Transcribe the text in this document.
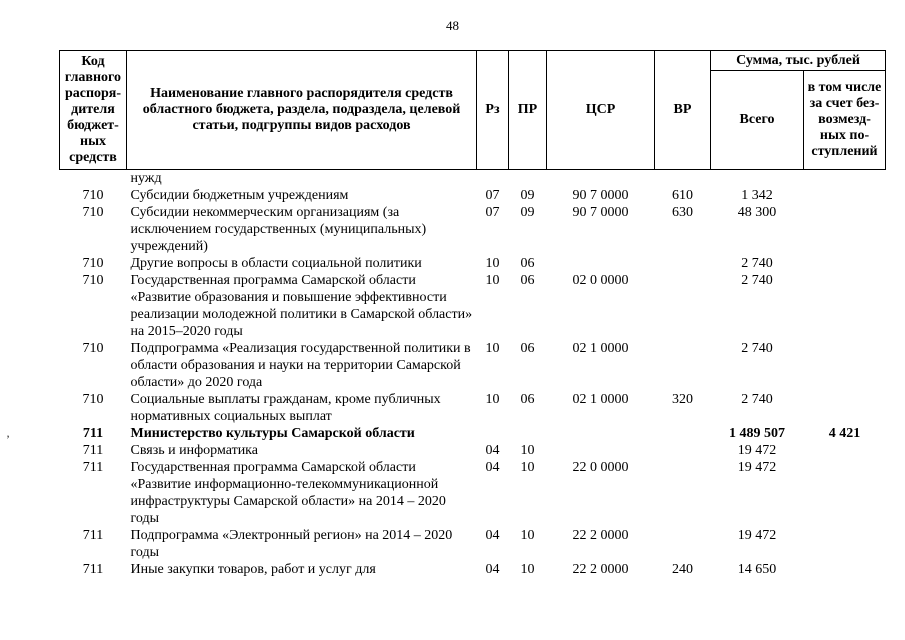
48
’
Код главного распоря-дителя бюджет-ных средств	Наименование главного распорядителя средств областного бюджета, раздела, подраздела, целевой статьи, подгруппы видов расходов	Рз	ПР	ЦСР	ВР	Сумма, тыс. рублей	
						Всего	в том числе за счет без-возмезд-ных по-ступлений
	нужд						
710	Субсидии бюджетным учреждениям	07	09	90 7 0000	610	1 342	
710	Субсидии некоммерческим организациям (за исключением государственных (муниципальных) учреждений)	07	09	90 7 0000	630	48 300	
710	Другие вопросы в области социальной политики	10	06			2 740	
710	Государственная программа Самарской области «Развитие образования и повышение эффективности реализации молодежной политики в Самарской области» на 2015–2020 годы	10	06	02 0 0000		2 740	
710	Подпрограмма «Реализация государственной политики в области образования и науки на территории Самарской области» до 2020 года	10	06	02 1 0000		2 740	
710	Социальные выплаты гражданам, кроме публичных нормативных социальных выплат	10	06	02 1 0000	320	2 740	
711	Министерство культуры Самарской области					1 489 507	4 421
711	Связь и информатика	04	10			19 472	
711	Государственная программа Самарской области «Развитие информационно-телекоммуникационной инфраструктуры Самарской области» на 2014 – 2020 годы	04	10	22 0 0000		19 472	
711	Подпрограмма «Электронный регион» на 2014 – 2020 годы	04	10	22 2 0000		19 472	
711	Иные закупки товаров, работ и услуг для	04	10	22 2 0000	240	14 650	
